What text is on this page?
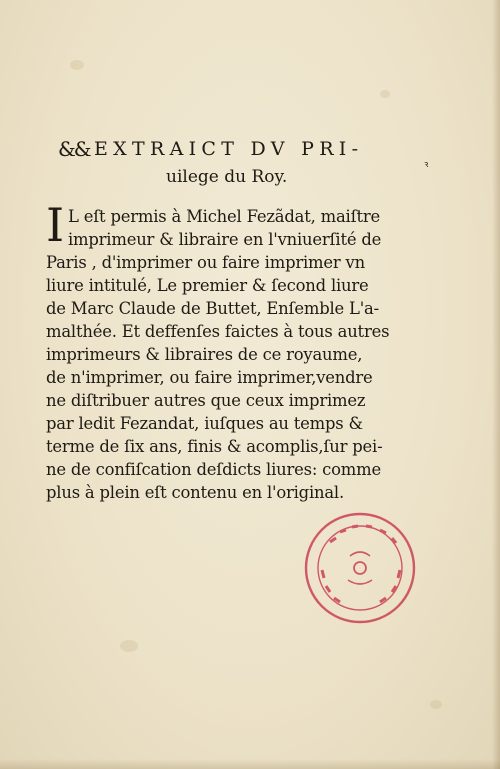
&& EXTRAICT DV PRI-
uilege du Roy.
ꝛ
I L eſt permis à Michel Fezãdat, maiſtre
imprimeur & libraire en l'vniuerſité de
Paris , d'imprimer ou faire imprimer vn
liure intitulé, Le premier & ſecond liure
de Marc Claude de Buttet, Enſemble L'a-
malthée. Et deffenſes faictes à tous autres
imprimeurs & libraires de ce royaume,
de n'imprimer, ou faire imprimer,vendre
ne diſtribuer autres que ceux imprimez
par ledit Fezandat, iuſques au temps &
terme de ſix ans, finis & acomplis,ſur pei-
ne de confiſcation deſdicts liures: comme
plus à plein eſt contenu en l'original.
